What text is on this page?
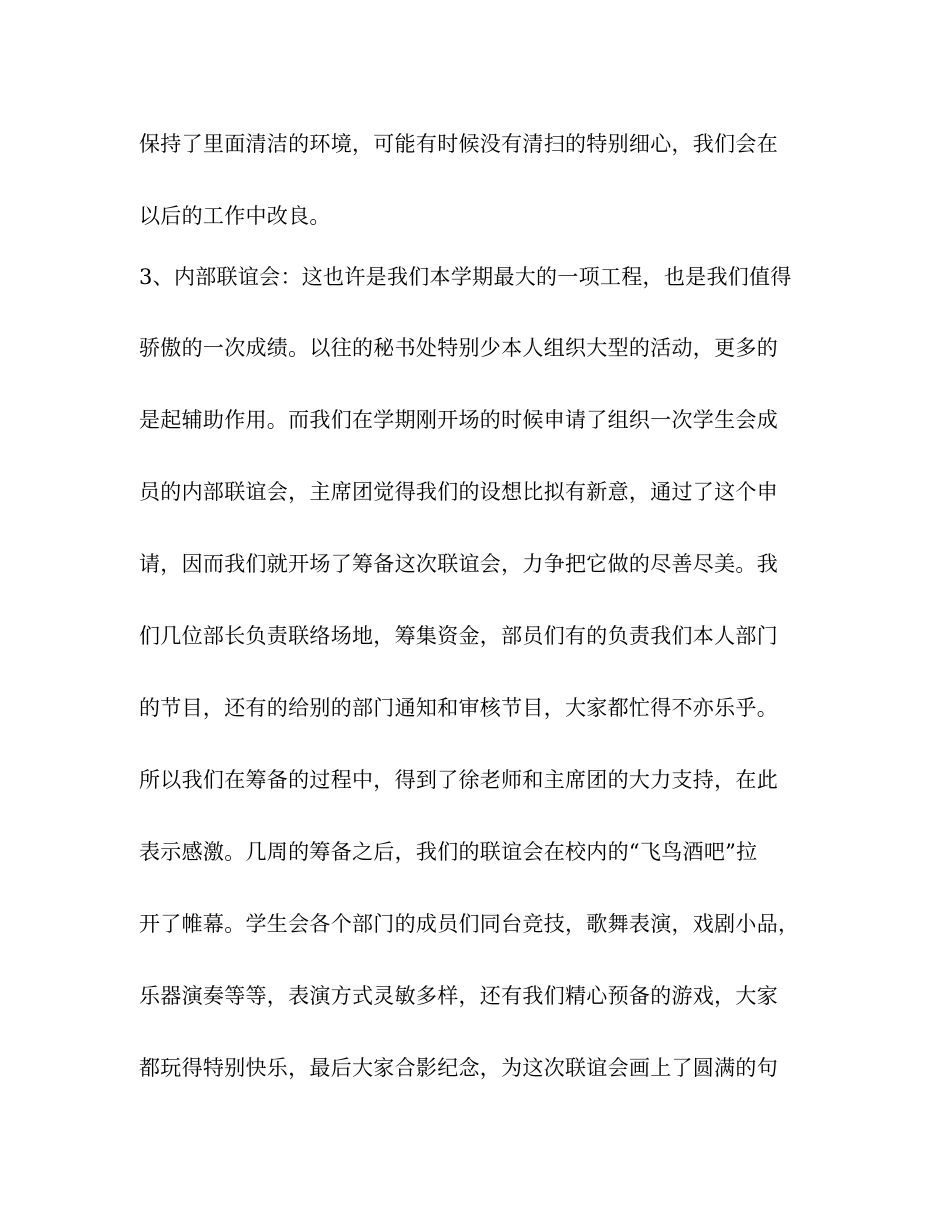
保持了里面清洁的环境，可能有时候没有清扫的特别细心，我们会在
以后的工作中改良。
3、内部联谊会：这也许是我们本学期最大的一项工程，也是我们值得
骄傲的一次成绩。以往的秘书处特别少本人组织大型的活动，更多的
是起辅助作用。而我们在学期刚开场的时候申请了组织一次学生会成
员的内部联谊会，主席团觉得我们的设想比拟有新意，通过了这个申
请，因而我们就开场了筹备这次联谊会，力争把它做的尽善尽美。我
们几位部长负责联络场地，筹集资金，部员们有的负责我们本人部门
的节目，还有的给别的部门通知和审核节目，大家都忙得不亦乐乎。
所以我们在筹备的过程中，得到了徐老师和主席团的大力支持，在此
表示感激。几周的筹备之后，我们的联谊会在校内的“飞鸟酒吧”拉
开了帷幕。学生会各个部门的成员们同台竞技，歌舞表演，戏剧小品，
乐器演奏等等，表演方式灵敏多样，还有我们精心预备的游戏，大家
都玩得特别快乐，最后大家合影纪念，为这次联谊会画上了圆满的句
